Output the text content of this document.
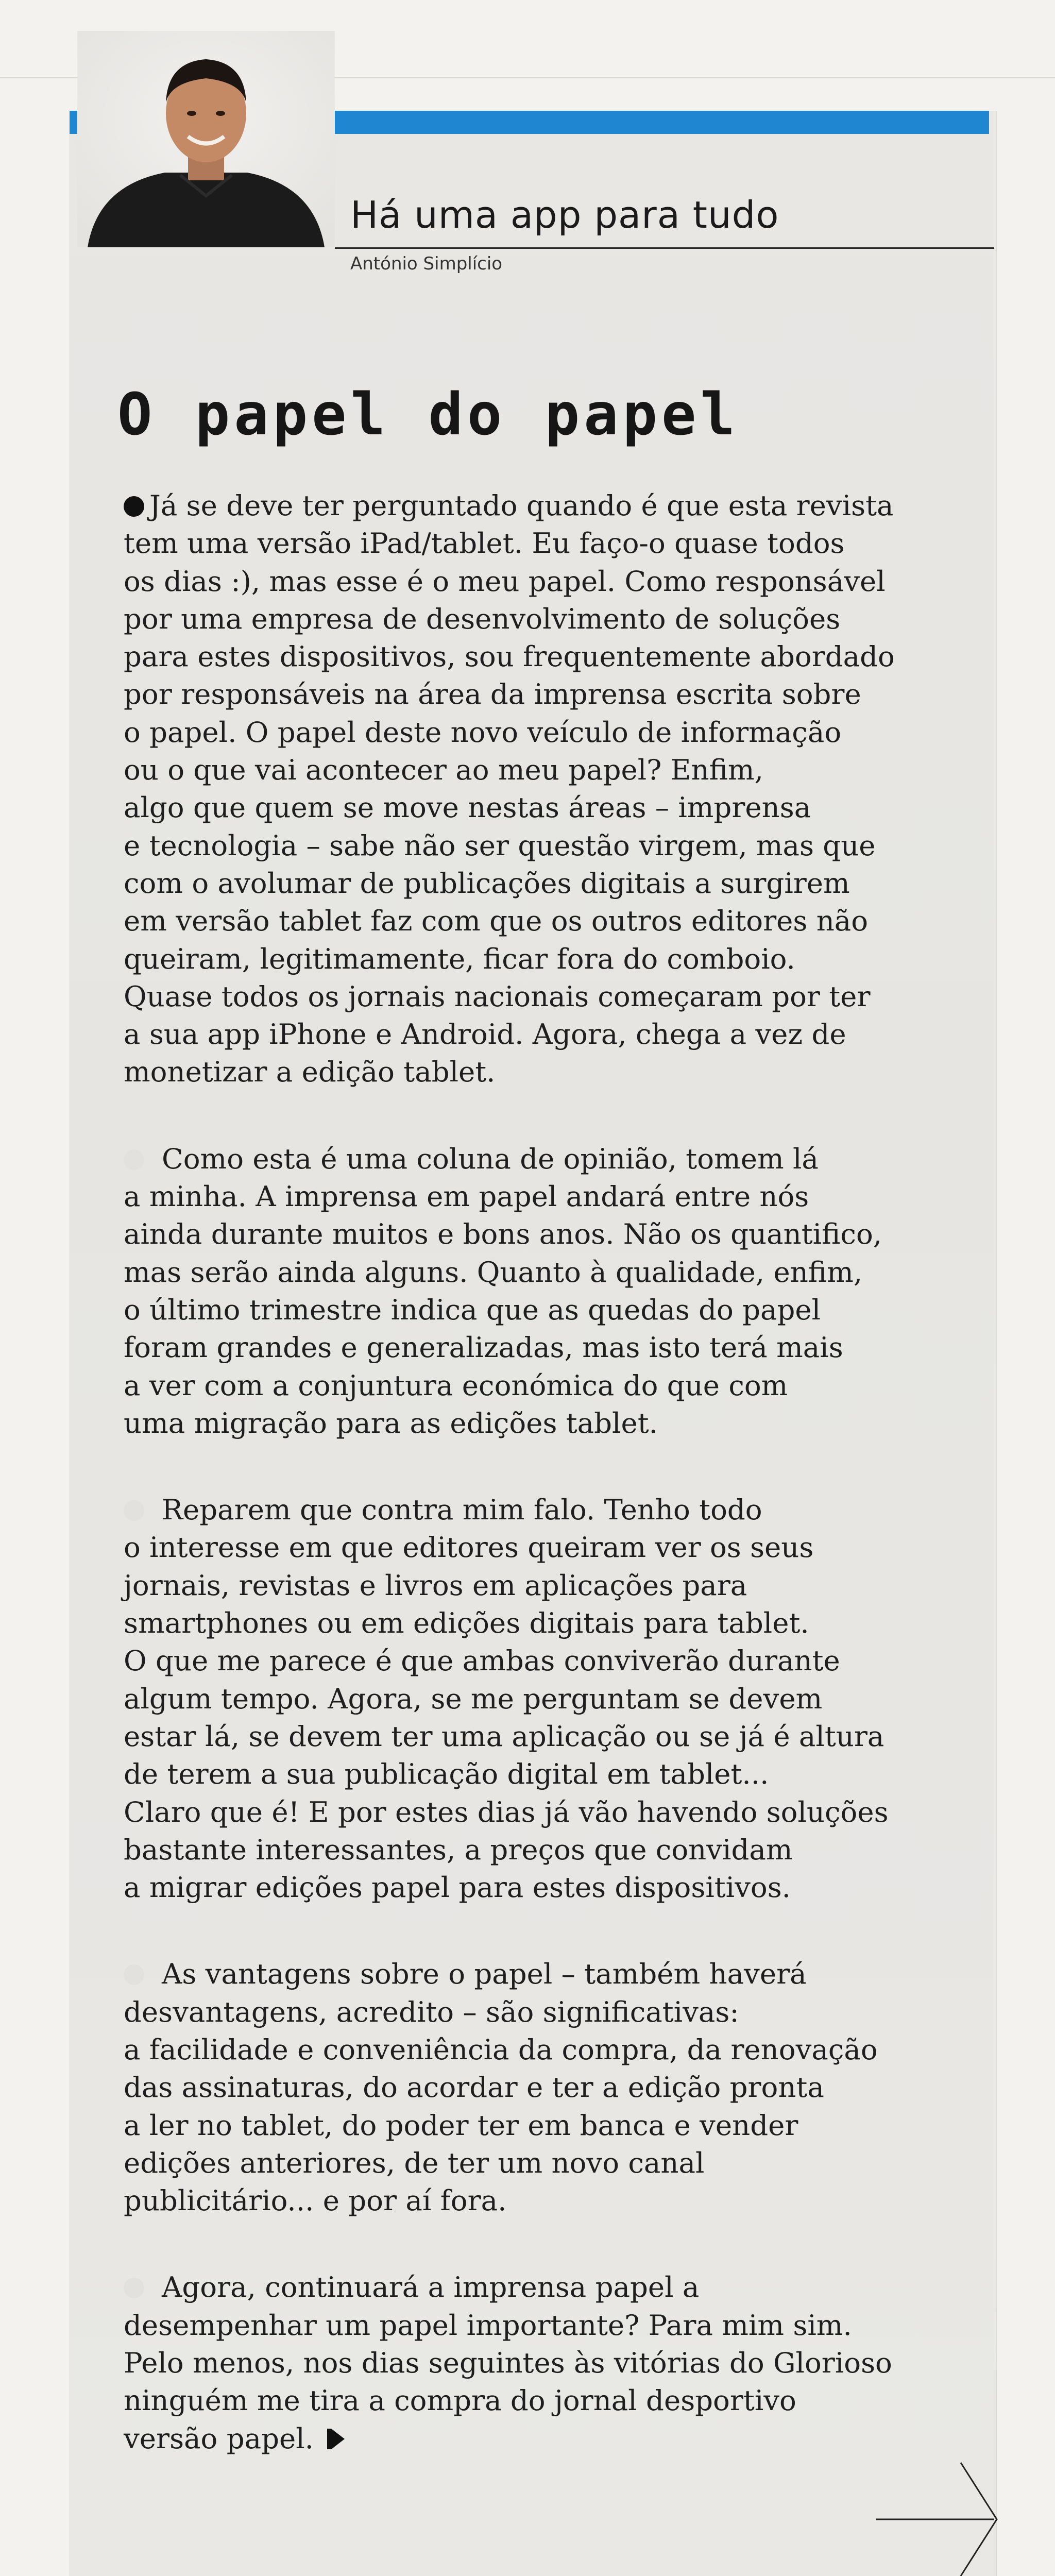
Há uma app para tudo
António Simplício
O papel do papel
Já se deve ter perguntado quando é que esta revista
tem uma versão iPad/tablet. Eu faço-o quase todos
os dias :), mas esse é o meu papel. Como responsável
por uma empresa de desenvolvimento de soluções
para estes dispositivos, sou frequentemente abordado
por responsáveis na área da imprensa escrita sobre
o papel. O papel deste novo veículo de informação
ou o que vai acontecer ao meu papel? Enfim,
algo que quem se move nestas áreas – imprensa
e tecnologia – sabe não ser questão virgem, mas que
com o avolumar de publicações digitais a surgirem
em versão tablet faz com que os outros editores não
queiram, legitimamente, ficar fora do comboio.
Quase todos os jornais nacionais começaram por ter
a sua app iPhone e Android. Agora, chega a vez de
monetizar a edição tablet.
Como esta é uma coluna de opinião, tomem lá
a minha. A imprensa em papel andará entre nós
ainda durante muitos e bons anos. Não os quantifico,
mas serão ainda alguns. Quanto à qualidade, enfim,
o último trimestre indica que as quedas do papel
foram grandes e generalizadas, mas isto terá mais
a ver com a conjuntura económica do que com
uma migração para as edições tablet.
Reparem que contra mim falo. Tenho todo
o interesse em que editores queiram ver os seus
jornais, revistas e livros em aplicações para
smartphones ou em edições digitais para tablet.
O que me parece é que ambas conviverão durante
algum tempo. Agora, se me perguntam se devem
estar lá, se devem ter uma aplicação ou se já é altura
de terem a sua publicação digital em tablet...
Claro que é! E por estes dias já vão havendo soluções
bastante interessantes, a preços que convidam
a migrar edições papel para estes dispositivos.
As vantagens sobre o papel – também haverá
desvantagens, acredito – são significativas:
a facilidade e conveniência da compra, da renovação
das assinaturas, do acordar e ter a edição pronta
a ler no tablet, do poder ter em banca e vender
edições anteriores, de ter um novo canal
publicitário... e por aí fora.
Agora, continuará a imprensa papel a
desempenhar um papel importante? Para mim sim.
Pelo menos, nos dias seguintes às vitórias do Glorioso
ninguém me tira a compra do jornal desportivo
versão papel.
